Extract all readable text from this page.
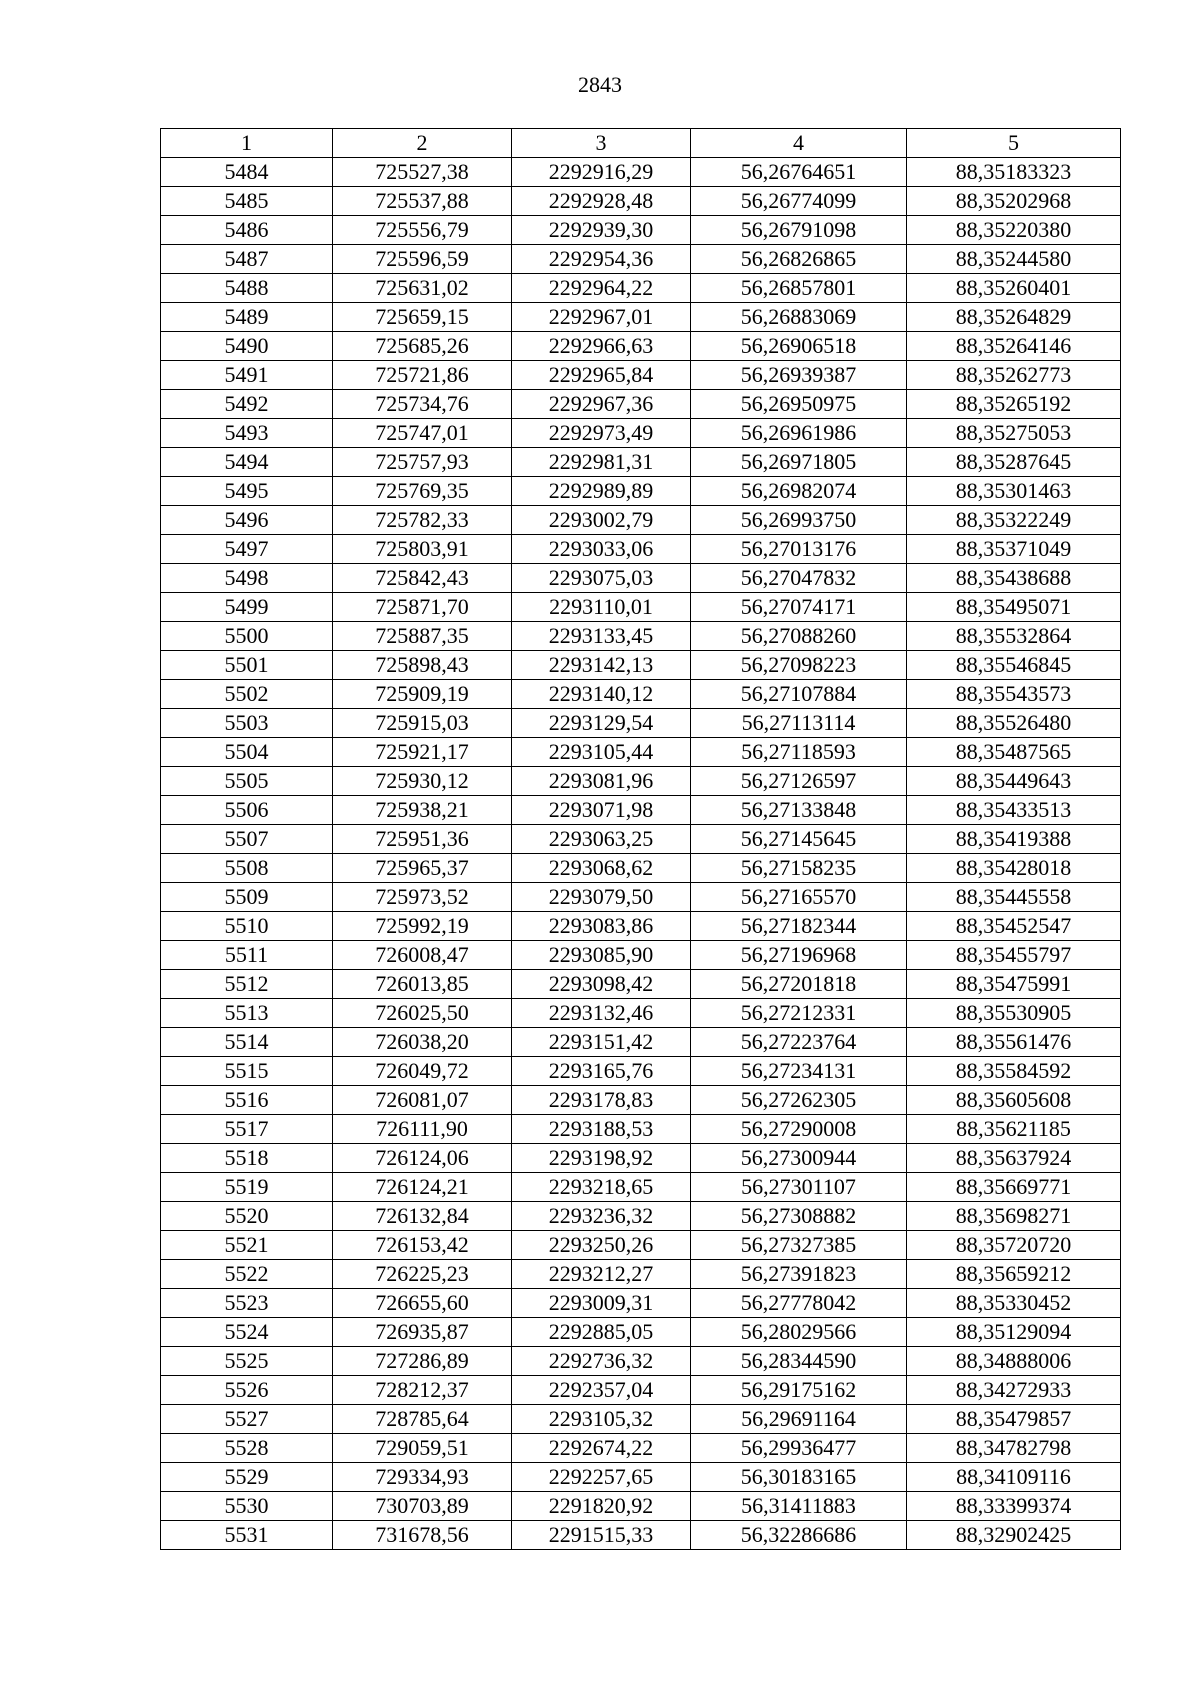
2843
1	2	3	4	5
5484	725527,38	2292916,29	56,26764651	88,35183323
5485	725537,88	2292928,48	56,26774099	88,35202968
5486	725556,79	2292939,30	56,26791098	88,35220380
5487	725596,59	2292954,36	56,26826865	88,35244580
5488	725631,02	2292964,22	56,26857801	88,35260401
5489	725659,15	2292967,01	56,26883069	88,35264829
5490	725685,26	2292966,63	56,26906518	88,35264146
5491	725721,86	2292965,84	56,26939387	88,35262773
5492	725734,76	2292967,36	56,26950975	88,35265192
5493	725747,01	2292973,49	56,26961986	88,35275053
5494	725757,93	2292981,31	56,26971805	88,35287645
5495	725769,35	2292989,89	56,26982074	88,35301463
5496	725782,33	2293002,79	56,26993750	88,35322249
5497	725803,91	2293033,06	56,27013176	88,35371049
5498	725842,43	2293075,03	56,27047832	88,35438688
5499	725871,70	2293110,01	56,27074171	88,35495071
5500	725887,35	2293133,45	56,27088260	88,35532864
5501	725898,43	2293142,13	56,27098223	88,35546845
5502	725909,19	2293140,12	56,27107884	88,35543573
5503	725915,03	2293129,54	56,27113114	88,35526480
5504	725921,17	2293105,44	56,27118593	88,35487565
5505	725930,12	2293081,96	56,27126597	88,35449643
5506	725938,21	2293071,98	56,27133848	88,35433513
5507	725951,36	2293063,25	56,27145645	88,35419388
5508	725965,37	2293068,62	56,27158235	88,35428018
5509	725973,52	2293079,50	56,27165570	88,35445558
5510	725992,19	2293083,86	56,27182344	88,35452547
5511	726008,47	2293085,90	56,27196968	88,35455797
5512	726013,85	2293098,42	56,27201818	88,35475991
5513	726025,50	2293132,46	56,27212331	88,35530905
5514	726038,20	2293151,42	56,27223764	88,35561476
5515	726049,72	2293165,76	56,27234131	88,35584592
5516	726081,07	2293178,83	56,27262305	88,35605608
5517	726111,90	2293188,53	56,27290008	88,35621185
5518	726124,06	2293198,92	56,27300944	88,35637924
5519	726124,21	2293218,65	56,27301107	88,35669771
5520	726132,84	2293236,32	56,27308882	88,35698271
5521	726153,42	2293250,26	56,27327385	88,35720720
5522	726225,23	2293212,27	56,27391823	88,35659212
5523	726655,60	2293009,31	56,27778042	88,35330452
5524	726935,87	2292885,05	56,28029566	88,35129094
5525	727286,89	2292736,32	56,28344590	88,34888006
5526	728212,37	2292357,04	56,29175162	88,34272933
5527	728785,64	2293105,32	56,29691164	88,35479857
5528	729059,51	2292674,22	56,29936477	88,34782798
5529	729334,93	2292257,65	56,30183165	88,34109116
5530	730703,89	2291820,92	56,31411883	88,33399374
5531	731678,56	2291515,33	56,32286686	88,32902425
